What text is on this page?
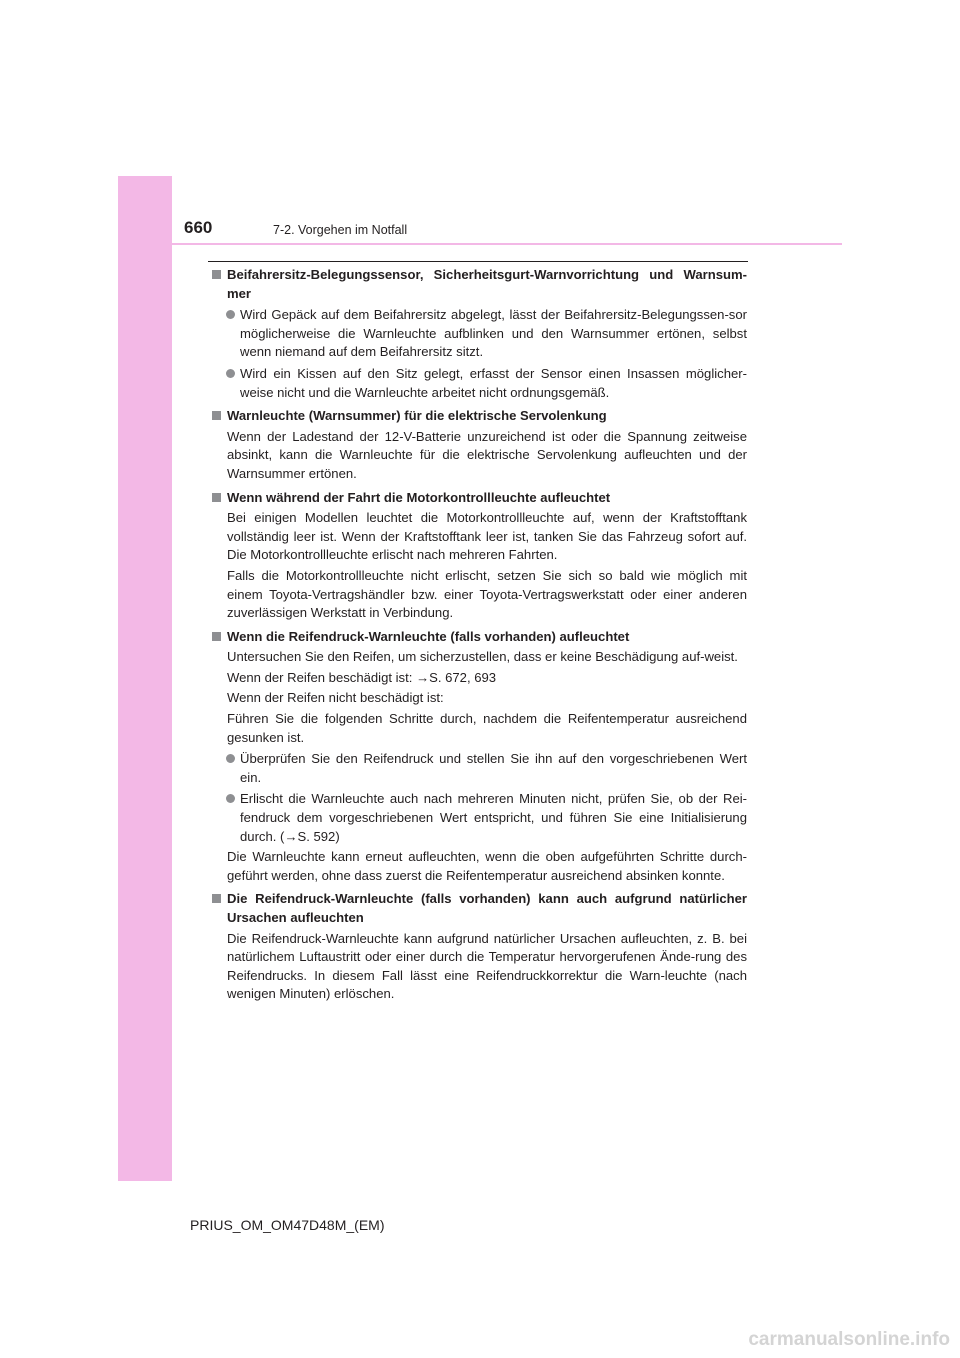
660	7-2. Vorgehen im Notfall
Beifahrersitz-Belegungssensor, Sicherheitsgurt-Warnvorrichtung und Warnsum-mer
Wird Gepäck auf dem Beifahrersitz abgelegt, lässt der Beifahrersitz-Belegungssen-sor möglicherweise die Warnleuchte aufblinken und den Warnsummer ertönen, selbst wenn niemand auf dem Beifahrersitz sitzt.
Wird ein Kissen auf den Sitz gelegt, erfasst der Sensor einen Insassen möglicher-weise nicht und die Warnleuchte arbeitet nicht ordnungsgemäß.
Warnleuchte (Warnsummer) für die elektrische Servolenkung
Wenn der Ladestand der 12-V-Batterie unzureichend ist oder die Spannung zeitweise absinkt, kann die Warnleuchte für die elektrische Servolenkung aufleuchten und der Warnsummer ertönen.
Wenn während der Fahrt die Motorkontrollleuchte aufleuchtet
Bei einigen Modellen leuchtet die Motorkontrollleuchte auf, wenn der Kraftstofftank vollständig leer ist. Wenn der Kraftstofftank leer ist, tanken Sie das Fahrzeug sofort auf. Die Motorkontrollleuchte erlischt nach mehreren Fahrten.
Falls die Motorkontrollleuchte nicht erlischt, setzen Sie sich so bald wie möglich mit einem Toyota-Vertragshändler bzw. einer Toyota-Vertragswerkstatt oder einer anderen zuverlässigen Werkstatt in Verbindung.
Wenn die Reifendruck-Warnleuchte (falls vorhanden) aufleuchtet
Untersuchen Sie den Reifen, um sicherzustellen, dass er keine Beschädigung auf-weist.
Wenn der Reifen beschädigt ist: →S. 672, 693
Wenn der Reifen nicht beschädigt ist:
Führen Sie die folgenden Schritte durch, nachdem die Reifentemperatur ausreichend gesunken ist.
Überprüfen Sie den Reifendruck und stellen Sie ihn auf den vorgeschriebenen Wert ein.
Erlischt die Warnleuchte auch nach mehreren Minuten nicht, prüfen Sie, ob der Rei-fendruck dem vorgeschriebenen Wert entspricht, und führen Sie eine Initialisierung durch. (→S. 592)
Die Warnleuchte kann erneut aufleuchten, wenn die oben aufgeführten Schritte durch-geführt werden, ohne dass zuerst die Reifentemperatur ausreichend absinken konnte.
Die Reifendruck-Warnleuchte (falls vorhanden) kann auch aufgrund natürlicher Ursachen aufleuchten
Die Reifendruck-Warnleuchte kann aufgrund natürlicher Ursachen aufleuchten, z. B. bei natürlichem Luftaustritt oder einer durch die Temperatur hervorgerufenen Ände-rung des Reifendrucks. In diesem Fall lässt eine Reifendruckkorrektur die Warn-leuchte (nach wenigen Minuten) erlöschen.
PRIUS_OM_OM47D48M_(EM)
carmanualsonline.info
